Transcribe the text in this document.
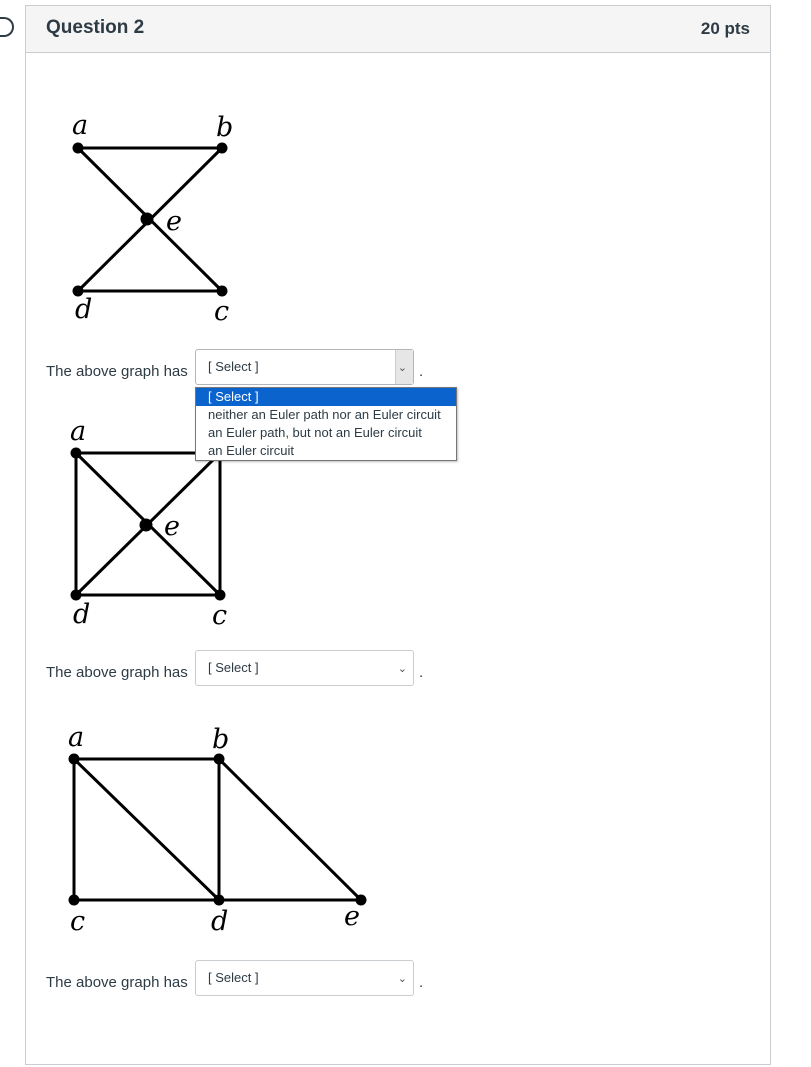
Question 2	20 pts
a	b
e
d	c
The above graph has [ Select ]	⌄ .
a
e
d	c
The above graph has [ Select ]	⌄ .
a	b
c	d	e
The above graph has [ Select ]	⌄ .
[ Select ]
neither an Euler path nor an Euler circuit
an Euler path, but not an Euler circuit
an Euler circuit
